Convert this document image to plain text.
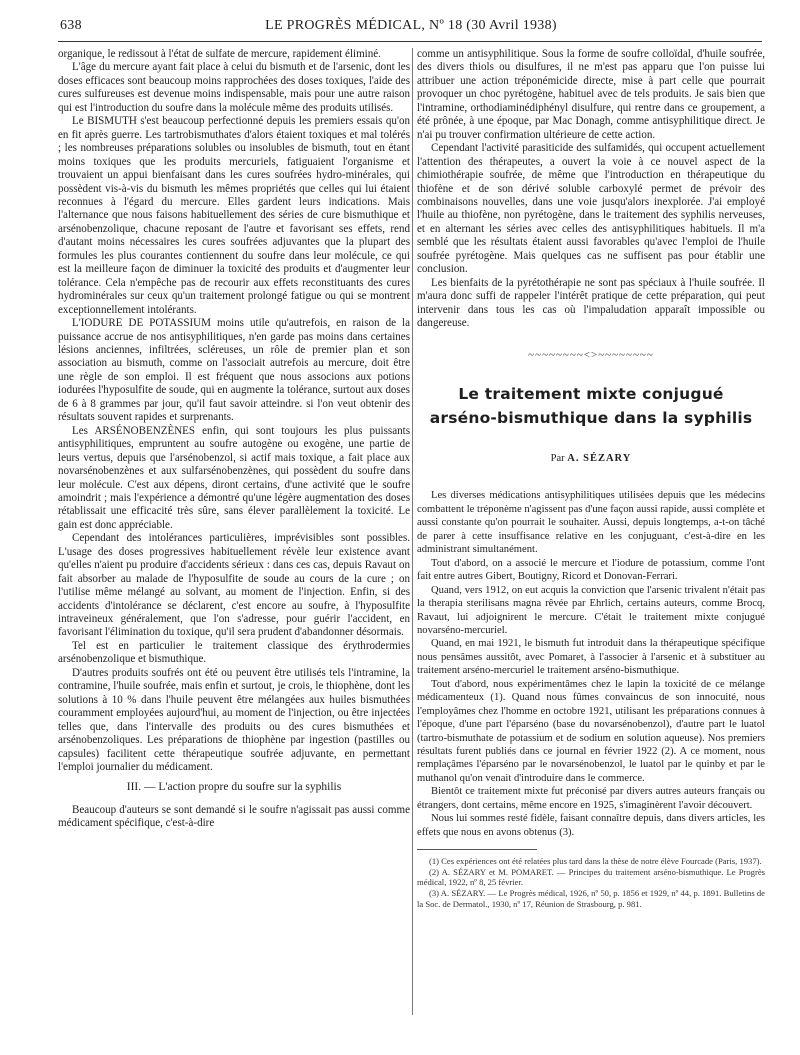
638	LE PROGRÈS MÉDICAL, Nº 18 (30 Avril 1938)

organique, le redissout à l'état de sulfate de mercure, rapidement éliminé.

L'âge du mercure ayant fait place à celui du bismuth et de l'arsenic, dont les doses efficaces sont beaucoup moins rapprochées des doses toxiques, l'aide des cures sulfureuses est devenue moins indispensable, mais pour une autre raison qui est l'introduction du soufre dans la molécule même des produits utilisés.

Le BISMUTH s'est beaucoup perfectionné depuis les premiers essais qu'on en fit après guerre. Les tartrobismuthates d'alors étaient toxiques et mal tolérés ; les nombreuses préparations solubles ou insolubles de bismuth, tout en étant moins toxiques que les produits mercuriels, fatiguaient l'organisme et trouvaient un appui bienfaisant dans les cures soufrées hydro-minérales, qui possèdent vis-à-vis du bismuth les mêmes propriétés que celles qui lui étaient reconnues à l'égard du mercure. Elles gardent leurs indications. Mais l'alternance que nous faisons habituellement des séries de cure bismuthique et arsénobenzolique, chacune reposant de l'autre et favorisant ses effets, rend d'autant moins nécessaires les cures soufrées adjuvantes que la plupart des formules les plus courantes contiennent du soufre dans leur molécule, ce qui est la meilleure façon de diminuer la toxicité des produits et d'augmenter leur tolérance. Cela n'empêche pas de recourir aux effets reconstituants des cures hydrominérales sur ceux qu'un traitement prolongé fatigue ou qui se montrent exceptionnellement intolérants.

L'IODURE DE POTASSIUM moins utile qu'autrefois, en raison de la puissance accrue de nos antisyphilitiques, n'en garde pas moins dans certaines lésions anciennes, infiltrées, scléreuses, un rôle de premier plan et son association au bismuth, comme on l'associait autrefois au mercure, doit être une règle de son emploi. Il est fréquent que nous associons aux potions iodurées l'hyposulfite de soude, qui en augmente la tolérance, surtout aux doses de 6 à 8 grammes par jour, qu'il faut savoir atteindre. si l'on veut obtenir des résultats souvent rapides et surprenants.

Les ARSÉNOBENZÈNES enfin, qui sont toujours les plus puissants antisyphilitiques, empruntent au soufre autogène ou exogène, une partie de leurs vertus, depuis que l'arsénobenzol, si actif mais toxique, a fait place aux novarsénobenzènes et aux sulfarsénobenzènes, qui possèdent du soufre dans leur molécule. C'est aux dépens, diront certains, d'une activité que le soufre amoindrit ; mais l'expérience a démontré qu'une légère augmentation des doses rétablissait une efficacité très sûre, sans élever parallèlement la toxicité. Le gain est donc appréciable.

Cependant des intolérances particulières, imprévisibles sont possibles. L'usage des doses progressives habituellement révèle leur existence avant qu'elles n'aient pu produire d'accidents sérieux : dans ces cas, depuis Ravaut on fait absorber au malade de l'hyposulfite de soude au cours de la cure ; on l'utilise même mélangé au solvant, au moment de l'injection. Enfin, si des accidents d'intolérance se déclarent, c'est encore au soufre, à l'hyposulfite intraveineux généralement, que l'on s'adresse, pour guérir l'accident, en favorisant l'élimination du toxique, qu'il sera prudent d'abandonner désormais.

Tel est en particulier le traitement classique des érythrodermies arsénobenzolique et bismuthique.

D'autres produits soufrés ont été ou peuvent être utilisés tels l'intramine, la contramine, l'huile soufrée, mais enfin et surtout, je crois, le thiophène, dont les solutions à 10 % dans l'huile peuvent être mélangées aux huiles bismuthées couramment employées aujourd'hui, au moment de l'injection, ou être injectées telles que, dans l'intervalle des produits ou des cures bismuthées et arsénobenzoliques. Les préparations de thiophène par ingestion (pastilles ou capsules) facilitent cette thérapeutique soufrée adjuvante, en permettant l'emploi journalier du médicament.

III. — L'action propre du soufre sur la syphilis

Beaucoup d'auteurs se sont demandé si le soufre n'agissait pas aussi comme médicament spécifique, c'est-à-dire

comme un antisyphilitique. Sous la forme de soufre colloïdal, d'huile soufrée, des divers thiols ou disulfures, il ne m'est pas apparu que l'on puisse lui attribuer une action tréponémicide directe, mise à part celle que pourrait provoquer un choc pyrétogène, habituel avec de tels produits. Je sais bien que l'intramine, orthodiaminédiphényl disulfure, qui rentre dans ce groupement, a été prônée, à une époque, par Mac Donagh, comme antisyphilitique direct. Je n'ai pu trouver confirmation ultérieure de cette action.

Cependant l'activité parasiticide des sulfamidés, qui occupent actuellement l'attention des thérapeutes, a ouvert la voie à ce nouvel aspect de la chimiothérapie soufrée, de même que l'introduction en thérapeutique du thiofène et de son dérivé soluble carboxylé permet de prévoir des combinaisons nouvelles, dans une voie jusqu'alors inexplorée. J'ai employé l'huile au thiofène, non pyrétogène, dans le traitement des syphilis nerveuses, et en alternant les séries avec celles des antisyphilitiques habituels. Il m'a semblé que les résultats étaient aussi favorables qu'avec l'emploi de l'huile soufrée pyrétogène. Mais quelques cas ne suffisent pas pour établir une conclusion.

Les bienfaits de la pyrétothérapie ne sont pas spéciaux à l'huile soufrée. Il m'aura donc suffi de rappeler l'intérêt pratique de cette préparation, qui peut intervenir dans tous les cas où l'impaludation apparaît impossible ou dangereuse.

~~~~~~~~<>~~~~~~~~
Le traitement mixte conjugué
arséno-bismuthique dans la syphilis
Par A. SÉZARY

Les diverses médications antisyphilitiques utilisées depuis que les médecins combattent le tréponème n'agissent pas d'une façon aussi rapide, aussi complète et aussi constante qu'on pourrait le souhaiter. Aussi, depuis longtemps, a-t-on tâché de parer à cette insuffisance relative en les conjuguant, c'est-à-dire en les administrant simultanément.

Tout d'abord, on a associé le mercure et l'iodure de potassium, comme l'ont fait entre autres Gibert, Boutigny, Ricord et Donovan-Ferrari.

Quand, vers 1912, on eut acquis la conviction que l'arsenic trivalent n'était pas la therapia sterilisans magna rêvée par Ehrlich, certains auteurs, comme Brocq, Ravaut, lui adjoignirent le mercure. C'était le traitement mixte conjugué novarséno-mercuriel.

Quand, en mai 1921, le bismuth fut introduit dans la thérapeutique spécifique nous pensâmes aussitôt, avec Pomaret, à l'associer à l'arsenic et à substituer au traitement arséno-mercuriel le traitement arséno-bismuthique.

Tout d'abord, nous expérimentâmes chez le lapin la toxicité de ce mélange médicamenteux (1). Quand nous fûmes convaincus de son innocuité, nous l'employâmes chez l'homme en octobre 1921, utilisant les préparations connues à l'époque, d'une part l'éparséno (base du novarsénobenzol), d'autre part le luatol (tartro-bismuthate de potassium et de sodium en solution aqueuse). Nos premiers résultats furent publiés dans ce journal en février 1922 (2). A ce moment, nous remplaçâmes l'éparséno par le novarsénobenzol, le luatol par le quinby et par le muthanol qu'on venait d'introduire dans le commerce.

Bientôt ce traitement mixte fut préconisé par divers autres auteurs français ou étrangers, dont certains, même encore en 1925, s'imaginèrent l'avoir découvert.

Nous lui sommes resté fidèle, faisant connaître depuis, dans divers articles, les effets que nous en avons obtenus (3).

(1) Ces expériences ont été relatées plus tard dans la thèse de notre élève Fourcade (Paris, 1937).

(2) A. SÉZARY et M. POMARET. — Principes du traitement arséno-bismuthique. Le Progrès médical, 1922, nº 8, 25 février.

(3) A. SÉZARY. — Le Progrès médical, 1926, nº 50, p. 1856 et 1929, nº 44, p. 1891. Bulletins de la Soc. de Dermatol., 1930, nº 17, Réunion de Strasbourg, p. 981.
